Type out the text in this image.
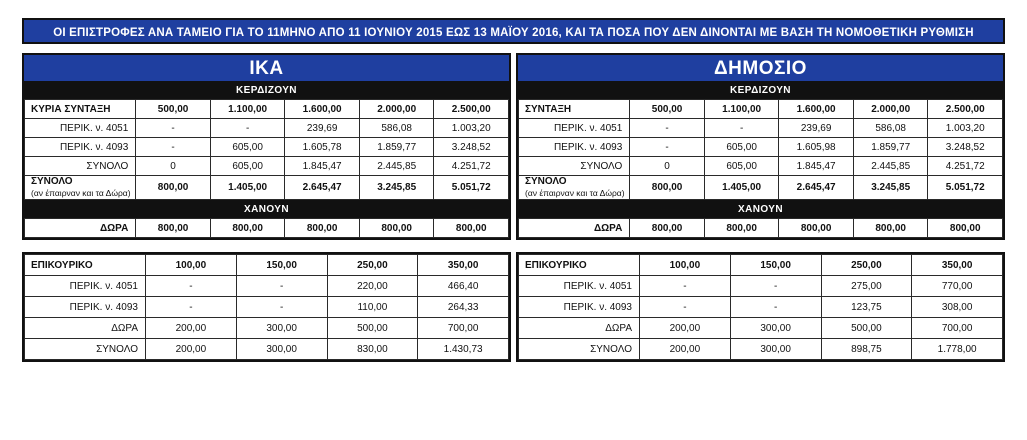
ΟΙ ΕΠΙΣΤΡΟΦΕΣ ΑΝΑ ΤΑΜΕΙΟ ΓΙΑ ΤΟ 11ΜΗΝΟ ΑΠΟ 11 ΙΟΥΝΙΟΥ 2015 ΕΩΣ 13 ΜΑΪΟΥ 2016, ΚΑΙ ΤΑ ΠΟΣΑ ΠΟΥ ΔΕΝ ΔΙΝΟΝΤΑΙ ΜΕ ΒΑΣΗ ΤΗ ΝΟΜΟΘΕΤΙΚΗ ΡΥΘΜΙΣΗ
ΙΚΑ
ΚΕΡΔΙΖΟΥΝ
ΚΥΡΙΑ ΣΥΝΤΑΞΗ	500,00	1.100,00	1.600,00	2.000,00	2.500,00
ΠΕΡΙΚ. ν. 4051	-	-	239,69	586,08	1.003,20
ΠΕΡΙΚ. ν. 4093	-	605,00	1.605,78	1.859,77	3.248,52
ΣΥΝΟΛΟ	0	605,00	1.845,47	2.445,85	4.251,72
ΣΥΝΟΛΟ
(αν έπαιρναν και τα Δώρα)	800,00	1.405,00	2.645,47	3.245,85	5.051,72
ΧΑΝΟΥΝ
ΔΩΡΑ	800,00	800,00	800,00	800,00	800,00
ΕΠΙΚΟΥΡΙΚΟ	100,00	150,00	250,00	350,00
ΠΕΡΙΚ. ν. 4051	-	-	220,00	466,40
ΠΕΡΙΚ. ν. 4093	-	-	110,00	264,33
ΔΩΡΑ	200,00	300,00	500,00	700,00
ΣΥΝΟΛΟ	200,00	300,00	830,00	1.430,73
ΔΗΜΟΣΙΟ
ΚΕΡΔΙΖΟΥΝ
ΣΥΝΤΑΞΗ	500,00	1.100,00	1.600,00	2.000,00	2.500,00
ΠΕΡΙΚ. ν. 4051	-	-	239,69	586,08	1.003,20
ΠΕΡΙΚ. ν. 4093	-	605,00	1.605,98	1.859,77	3.248,52
ΣΥΝΟΛΟ	0	605,00	1.845,47	2.445,85	4.251,72
ΣΥΝΟΛΟ
(αν έπαιρναν και τα Δώρα)	800,00	1.405,00	2.645,47	3.245,85	5.051,72
ΧΑΝΟΥΝ
ΔΩΡΑ	800,00	800,00	800,00	800,00	800,00
ΕΠΙΚΟΥΡΙΚΟ	100,00	150,00	250,00	350,00
ΠΕΡΙΚ. ν. 4051	-	-	275,00	770,00
ΠΕΡΙΚ. ν. 4093	-	-	123,75	308,00
ΔΩΡΑ	200,00	300,00	500,00	700,00
ΣΥΝΟΛΟ	200,00	300,00	898,75	1.778,00
